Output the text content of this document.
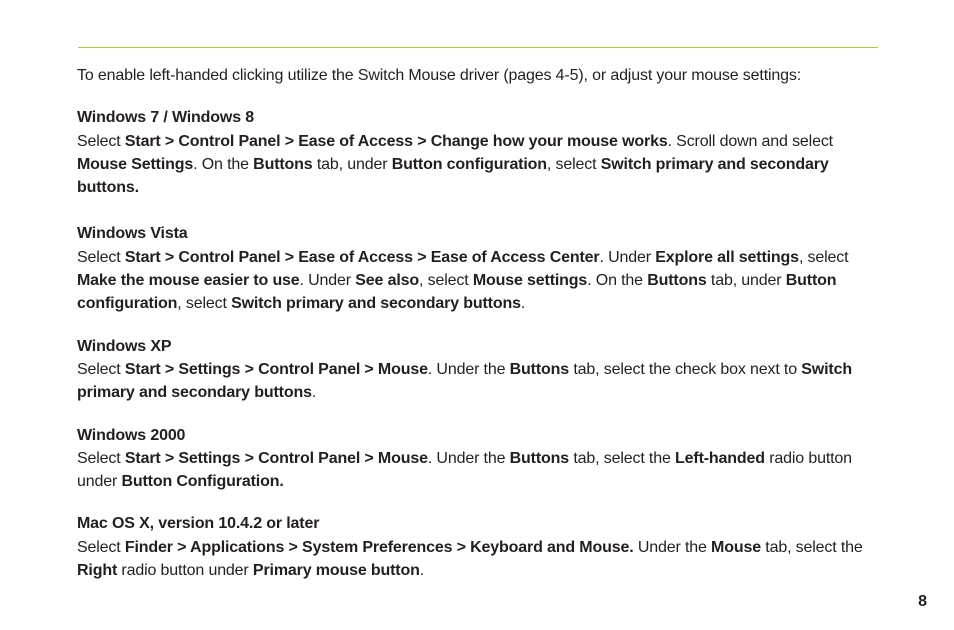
To enable left-handed clicking utilize the Switch Mouse driver (pages 4-5), or adjust your mouse settings:

Windows 7 / Windows 8

Select Start > Control Panel > Ease of Access > Change how your mouse works. Scroll down and select Mouse Settings. On the Buttons tab, under Button configuration, select Switch primary and secondary buttons.

Windows Vista

Select Start > Control Panel > Ease of Access > Ease of Access Center. Under Explore all settings, select Make the mouse easier to use. Under See also, select Mouse settings. On the Buttons tab, under Button configuration, select Switch primary and secondary buttons.

Windows XP

Select Start > Settings > Control Panel > Mouse. Under the Buttons tab, select the check box next to Switch primary and secondary buttons.

Windows 2000

Select Start > Settings > Control Panel > Mouse. Under the Buttons tab, select the Left-handed radio button under Button Configuration.

Mac OS X, version 10.4.2 or later

Select Finder > Applications > System Preferences > Keyboard and Mouse. Under the Mouse tab, select the Right radio button under Primary mouse button.

8
